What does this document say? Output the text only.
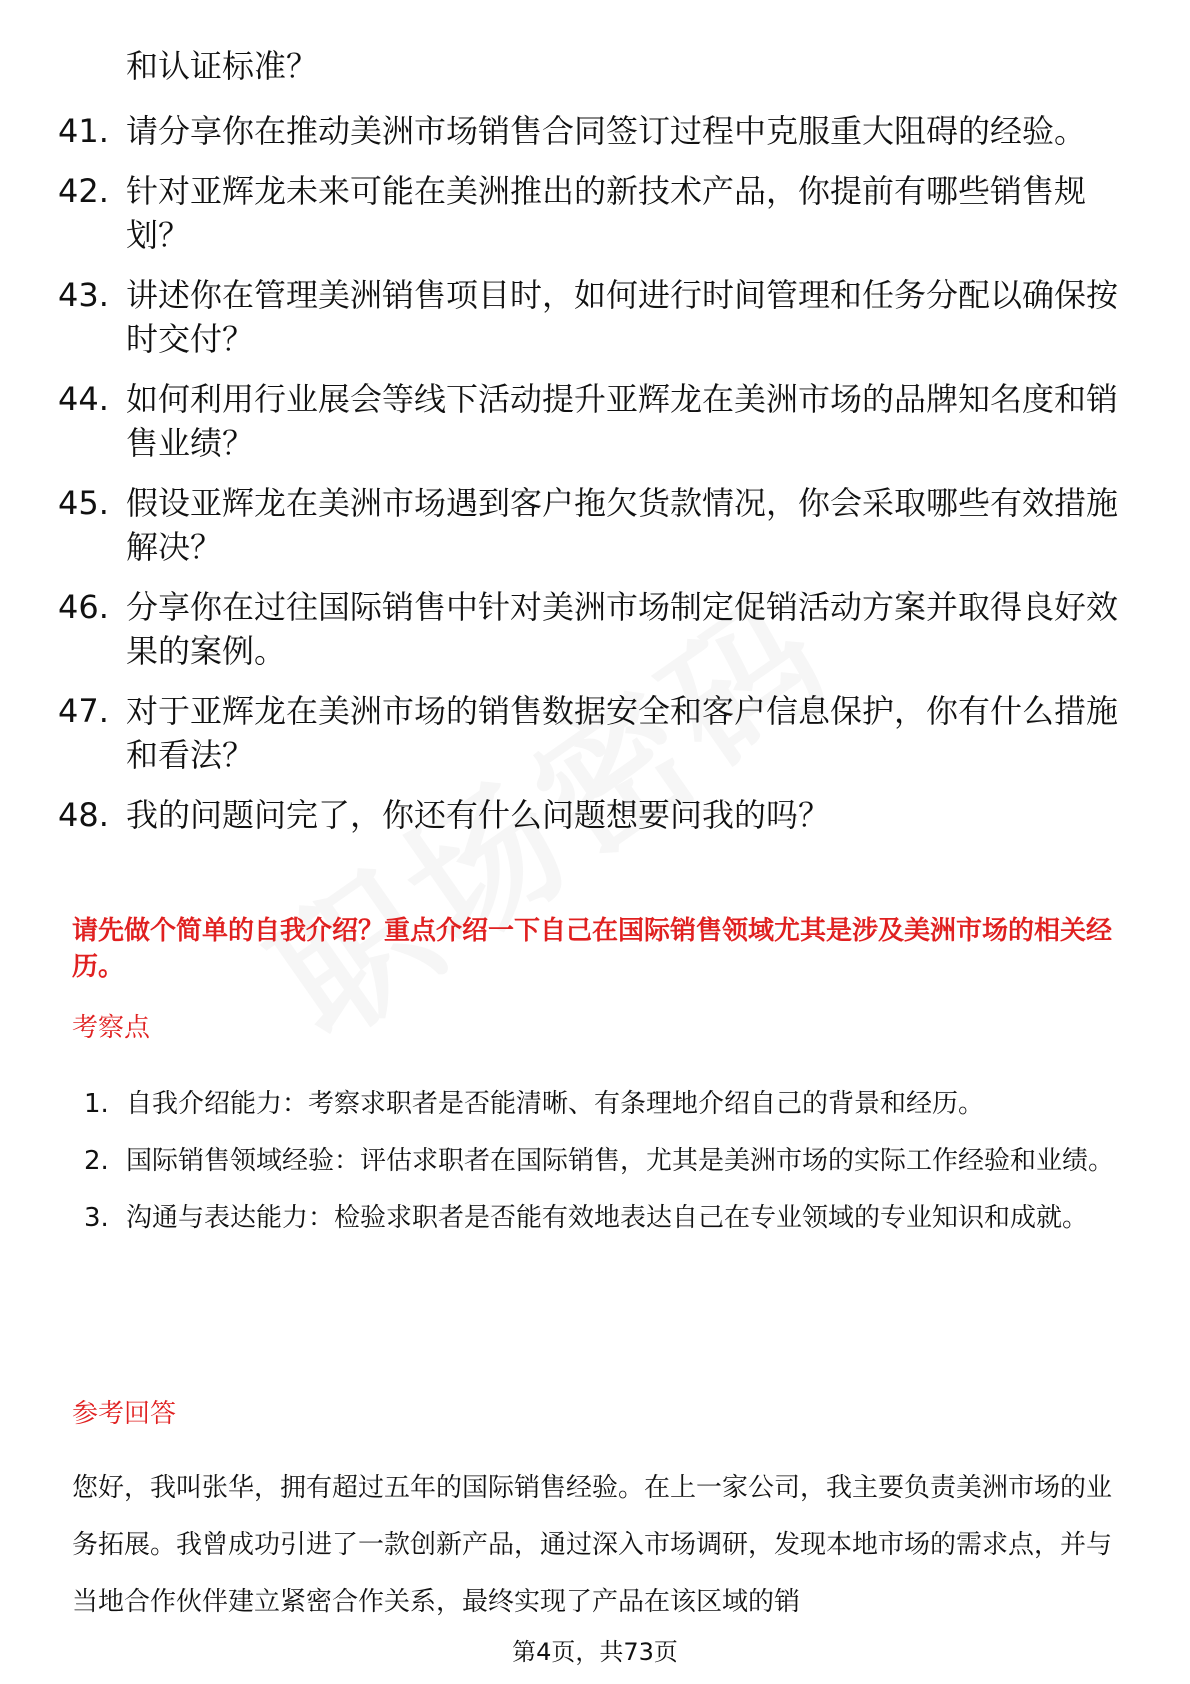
和认证标准？
41. 请分享你在推动美洲市场销售合同签订过程中克服重大阻碍的经验。
42. 针对亚辉龙未来可能在美洲推出的新技术产品，你提前有哪些销售规划？
43. 讲述你在管理美洲销售项目时，如何进行时间管理和任务分配以确保按时交付？
44. 如何利用行业展会等线下活动提升亚辉龙在美洲市场的品牌知名度和销售业绩？
45. 假设亚辉龙在美洲市场遇到客户拖欠货款情况，你会采取哪些有效措施解决？
46. 分享你在过往国际销售中针对美洲市场制定促销活动方案并取得良好效果的案例。
47. 对于亚辉龙在美洲市场的销售数据安全和客户信息保护，你有什么措施和看法？
48. 我的问题问完了，你还有什么问题想要问我的吗？
请先做个简单的自我介绍？重点介绍一下自己在国际销售领域尤其是涉及美洲市场的相关经历。
考察点
1. 自我介绍能力：考察求职者是否能清晰、有条理地介绍自己的背景和经历。
2. 国际销售领域经验：评估求职者在国际销售，尤其是美洲市场的实际工作经验和业绩。
3. 沟通与表达能力：检验求职者是否能有效地表达自己在专业领域的专业知识和成就。
参考回答
您好，我叫张华，拥有超过五年的国际销售经验。在上一家公司，我主要负责美洲市场的业务拓展。我曾成功引进了一款创新产品，通过深入市场调研，发现本地市场的需求点，并与当地合作伙伴建立紧密合作关系，最终实现了产品在该区域的销
第4页，共73页
